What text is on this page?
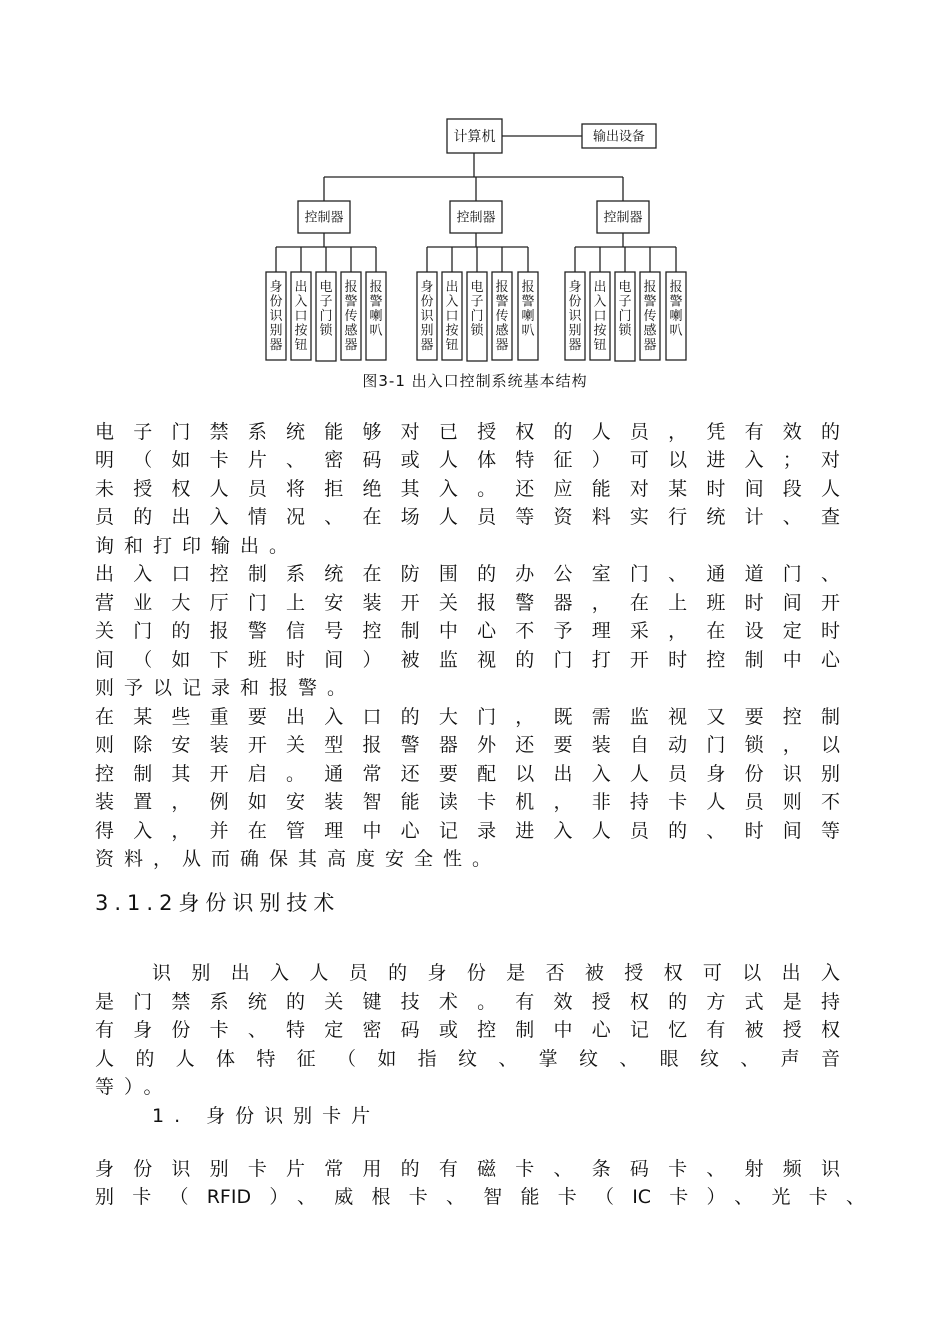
计算机	输出设备
控制器
身份识别器
出入口按钮
电子门锁
报警传感器
报警喇叭
控制器
身份识别器
出入口按钮
电子门锁
报警传感器
报警喇叭
控制器
身份识别器
出入口按钮
电子门锁
报警传感器
报警喇叭
图3-1 出入口控制系统基本结构
电子门禁系统能够对已授权的人员，凭有效的
明（如卡片、密码或人体特征）可以进入；对
未授权人员将拒绝其入。还应能对某时间段人
员的出入情况、在场人员等资料实行统计、查
询和打印输出。
出入口控制系统在防围的办公室门、通道门、
营业大厅门上安装开关报警器，在上班时间开
关门的报警信号控制中心不予理采，在设定时
间（如下班时间）被监视的门打开时控制中心
则予以记录和报警。
在某些重要出入口的大门，既需监视又要控制
则除安装开关型报警器外还要装自动门锁，以
控制其开启。通常还要配以出入人员身份识别
装置，例如安装智能读卡机，非持卡人员则不
得入，并在管理中心记录进入人员的、时间等
资料，从而确保其高度安全性。
3.1.2身份识别技术
识别出入人员的身份是否被授权可以出入
是门禁系统的关键技术。有效授权的方式是持
有身份卡、特定密码或控制中心记忆有被授权
人的人体特征（如指纹、掌纹、眼纹、声音
等）。
1. 身份识别卡片
身份识别卡片常用的有磁卡、条码卡、射频识
别卡（RFID）、威根卡、智能卡（IC卡）、光卡、
